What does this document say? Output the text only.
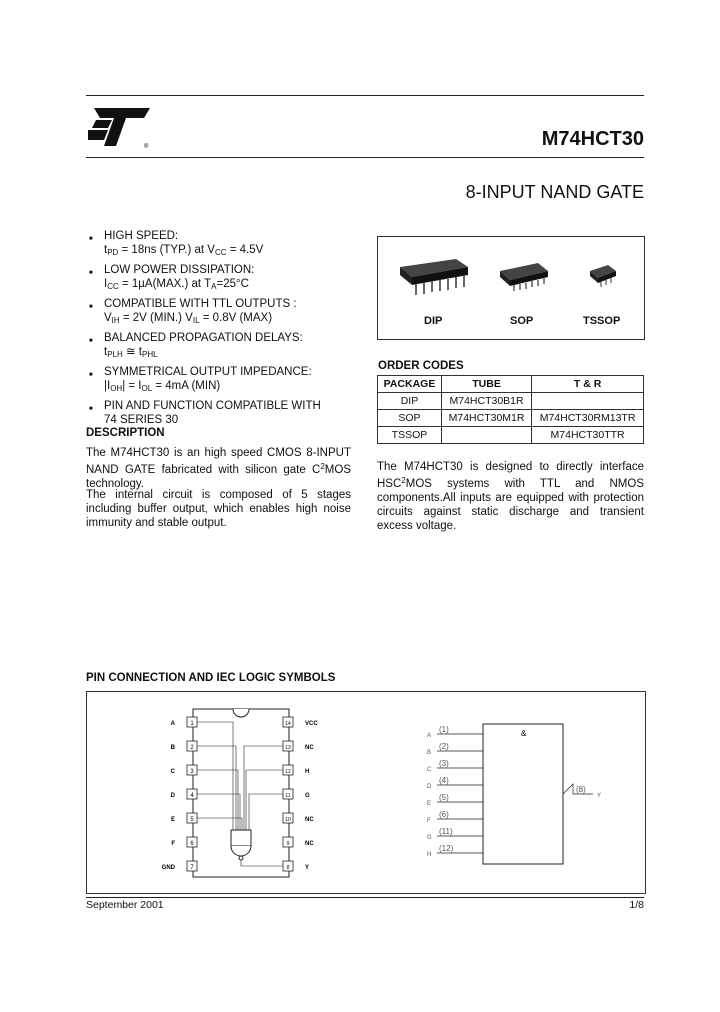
®	M74HCT30
8-INPUT NAND GATE
■ HIGH SPEED:
$t_{PD} = 18ns$ (TYP.) at $V_{CC} = 4.5V$
■ LOW POWER DISSIPATION:
$I_{CC} = 1\mu A(MAX.)$ at $T_A=25^\circ C$
■ COMPATIBLE WITH TTL OUTPUTS :
$V_{IH} = 2V$ (MIN.) $V_{IL} = 0.8V$ (MAX)
■ BALANCED PROPAGATION DELAYS:
$t_{PLH}$ ≅ $t_{PHL}$
■ SYMMETRICAL OUTPUT IMPEDANCE:
$|I_{OH}| = I_{OL} = 4mA$ (MIN)
■ PIN AND FUNCTION COMPATIBLE WITH
74 SERIES 30
DIP	SOP	TSSOP
ORDER CODES
PACKAGE	TUBE	T & R
DIP	M74HCT30B1R	
SOP	M74HCT30M1R	M74HCT30RM13TR
TSSOP		M74HCT30TTR
DESCRIPTION
The M74HCT30 is an high speed CMOS 8-INPUT NAND GATE fabricated with silicon gate $C^2MOS$ technology.
The internal circuit is composed of 5 stages including buffer output, which enables high noise immunity and stable output.
The M74HCT30 is designed to directly interface HSC$^2$MOS systems with TTL and NMOS components.All inputs are equipped with protection circuits against static discharge and transient excess voltage.
PIN CONNECTION AND IEC LOGIC SYMBOLS
1
A	14 VCC
2
B	13 NC
3
C	12 H
4
D	11 G
5
E	10 NC
6
F	9	NC
7
GND	8	Y
&
(1)
A
(2)
B
(3)
C
(4)
D
(5)
E
(6)
F
(11)
G
(12)
H
(8)
Y
September 2001	1/8
